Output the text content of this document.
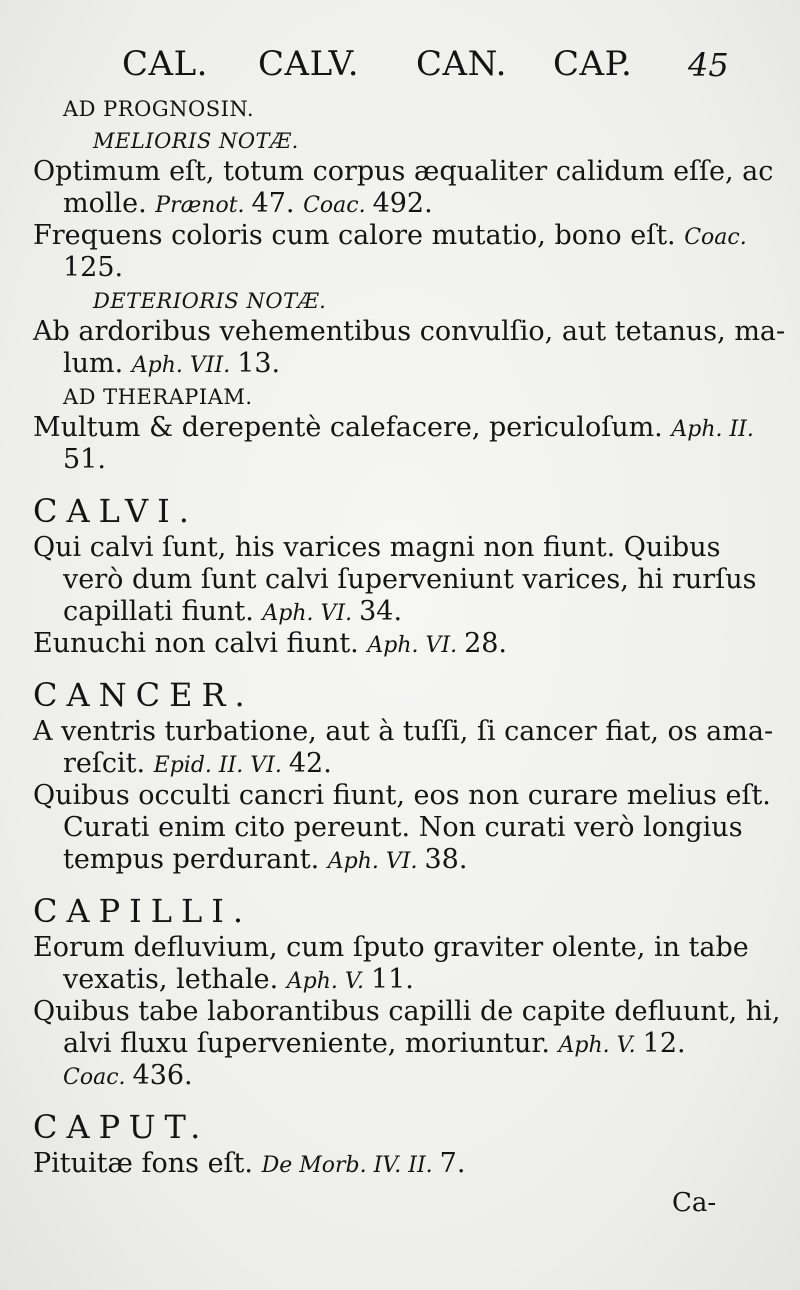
CAL. CALV. CAN. CAP. 45
AD PROGNOSIN.
MELIORIS NOTÆ.
Optimum eſt, totum corpus æqualiter calidum eſſe, ac
molle. Prænot. 47. Coac. 492.
Frequens coloris cum calore mutatio, bono eſt. Coac.
125.
DETERIORIS NOTÆ.
Ab ardoribus vehementibus convulſio, aut tetanus, ma-
lum. Aph. VII. 13.
AD THERAPIAM.
Multum & derepentè calefacere, periculoſum. Aph. II.
51.
CALVI.
Qui calvi ſunt, his varices magni non fiunt. Quibus
verò dum ſunt calvi ſuperveniunt varices, hi rurſus
capillati fiunt. Aph. VI. 34.
Eunuchi non calvi fiunt. Aph. VI. 28.
CANCER.
A ventris turbatione, aut à tuſſi, ſi cancer fiat, os ama-
reſcit. Epid. II. VI. 42.
Quibus occulti cancri fiunt, eos non curare melius eſt.
Curati enim cito pereunt. Non curati verò longius
tempus perdurant. Aph. VI. 38.
CAPILLI.
Eorum defluvium, cum ſputo graviter olente, in tabe
vexatis, lethale. Aph. V. 11.
Quibus tabe laborantibus capilli de capite defluunt, hi,
alvi fluxu ſuperveniente, moriuntur. Aph. V. 12.
Coac. 436.
CAPUT.
Pituitæ fons eſt. De Morb. IV. II. 7.
Ca-
